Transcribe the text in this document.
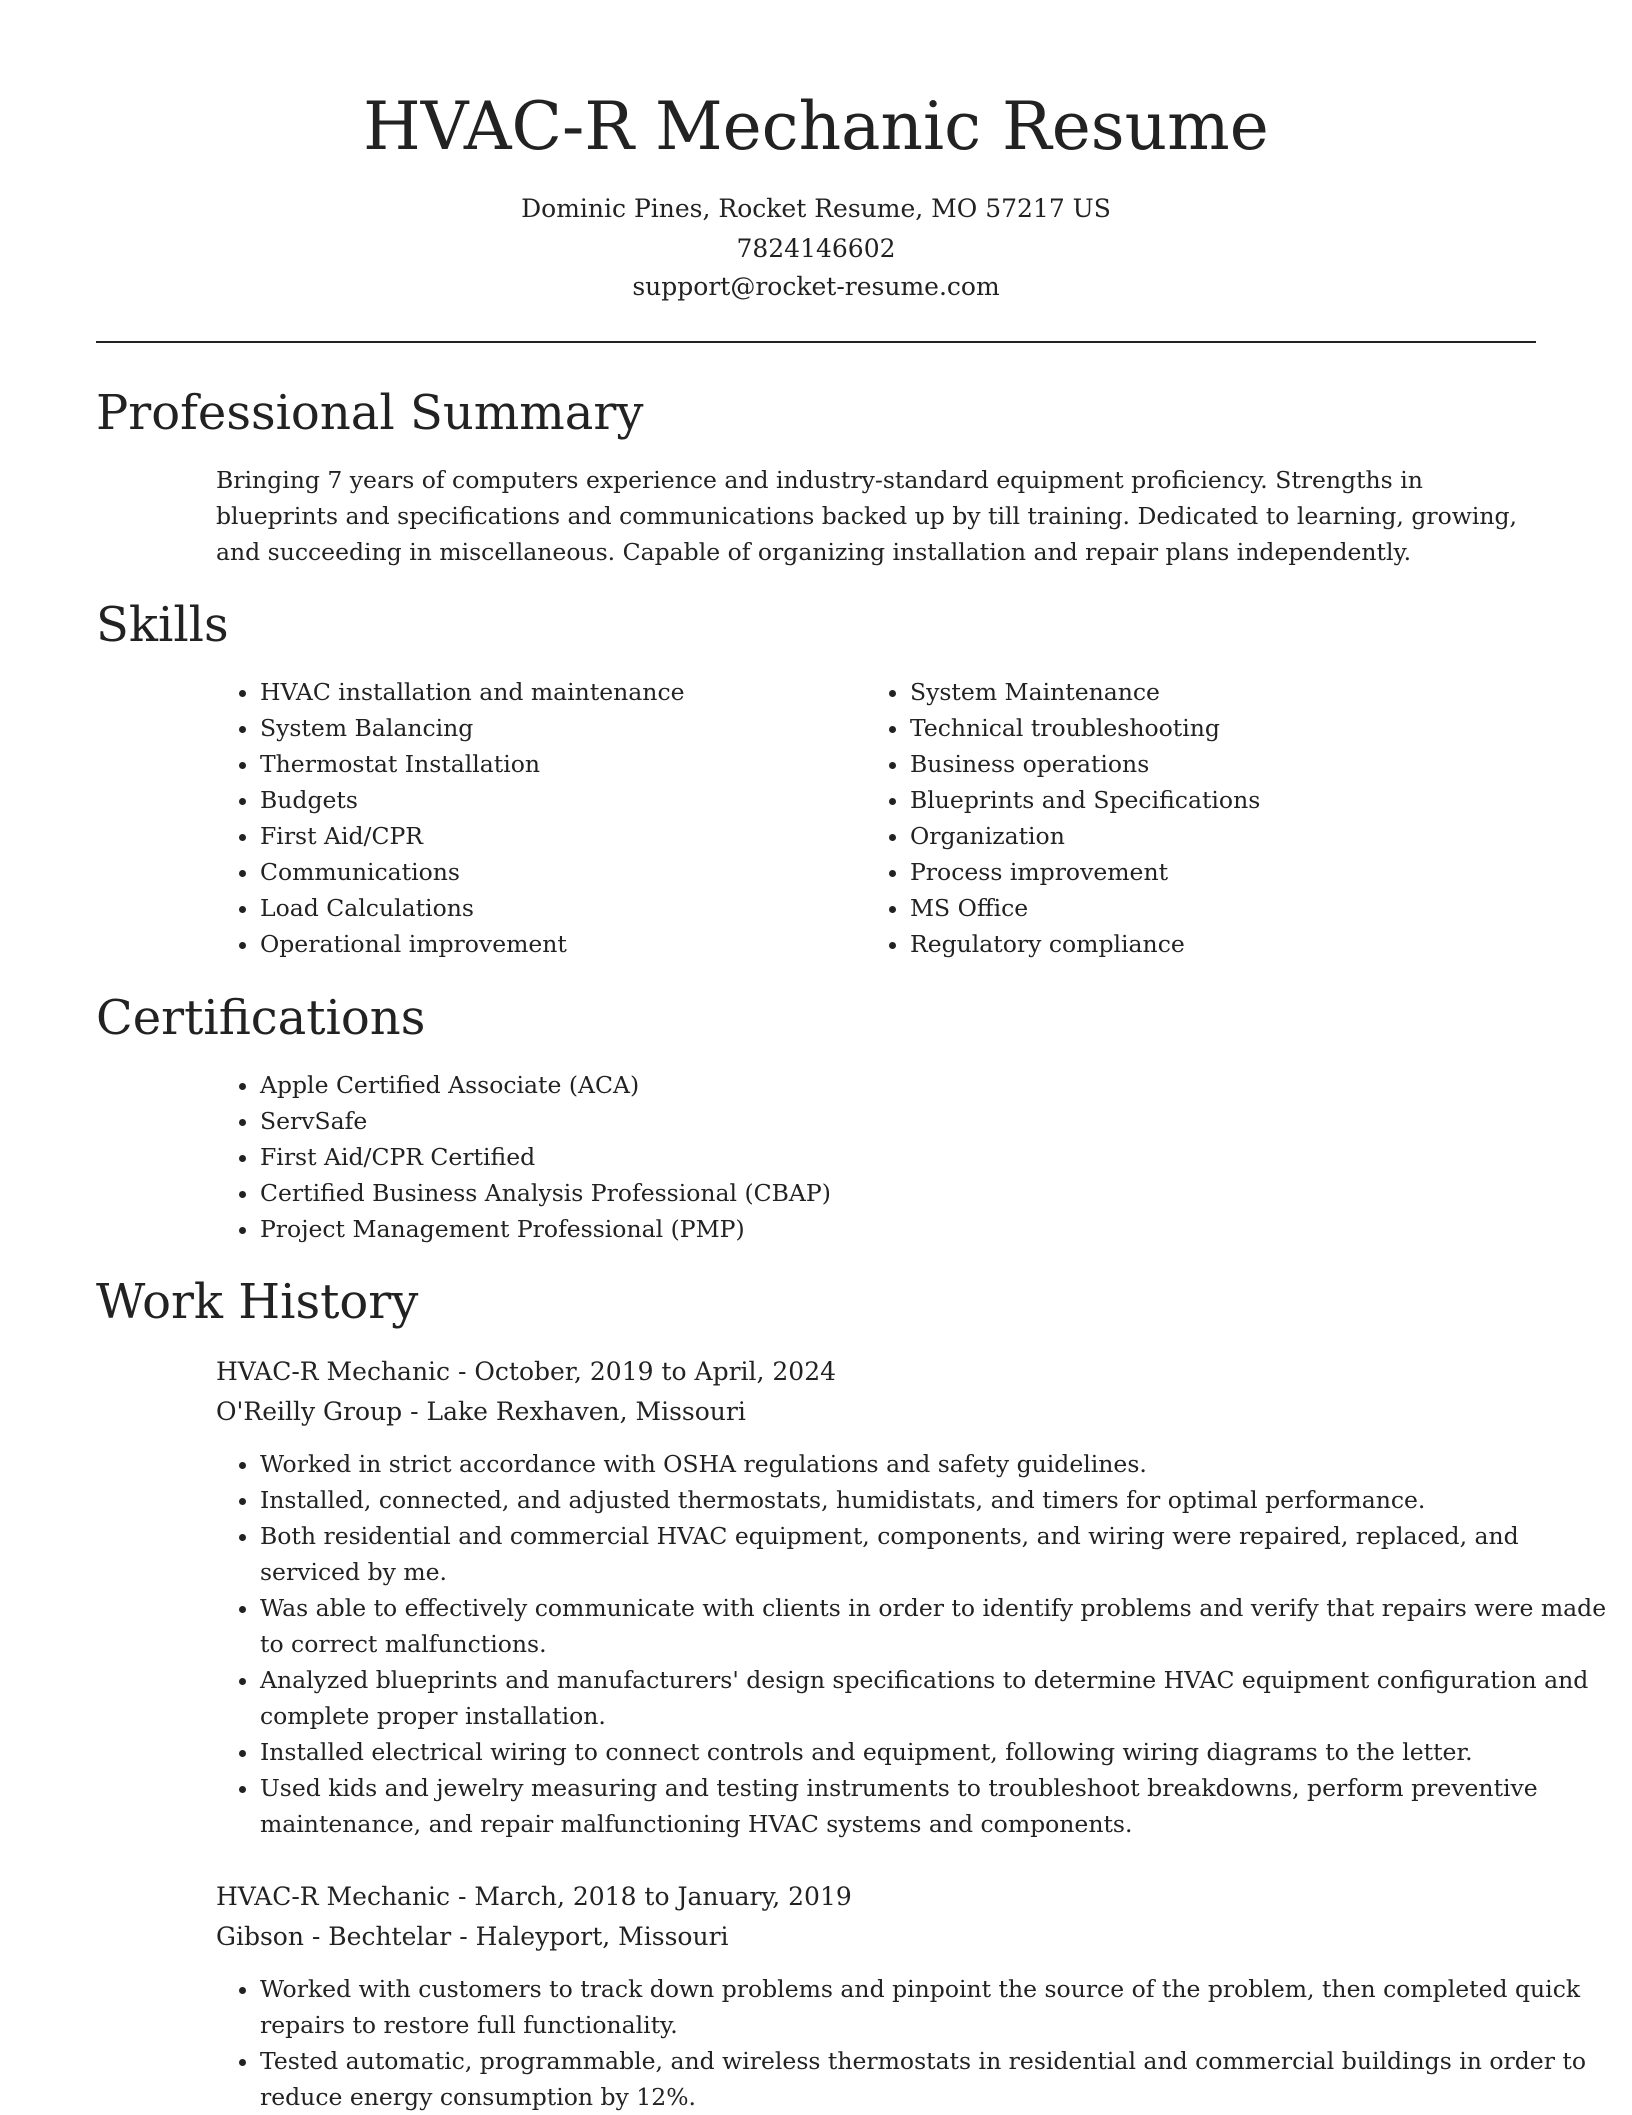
HVAC-R Mechanic Resume
Dominic Pines, Rocket Resume, MO 57217 US
7824146602
support@rocket-resume.com
Professional Summary

Bringing 7 years of computers experience and industry-standard equipment proficiency. Strengths in blueprints and specifications and communications backed up by till training. Dedicated to learning, growing, and succeeding in miscellaneous. Capable of organizing installation and repair plans independently.

Skills
• HVAC installation and maintenance
• System Balancing
• Thermostat Installation
• Budgets
• First Aid/CPR
• Communications
• Load Calculations
• Operational improvement
• System Maintenance
• Technical troubleshooting
• Business operations
• Blueprints and Specifications
• Organization
• Process improvement
• MS Office
• Regulatory compliance
Certifications
• Apple Certified Associate (ACA)
• ServSafe
• First Aid/CPR Certified
• Certified Business Analysis Professional (CBAP)
• Project Management Professional (PMP)
Work History
HVAC-R Mechanic - October, 2019 to April, 2024
O'Reilly Group - Lake Rexhaven, Missouri
• Worked in strict accordance with OSHA regulations and safety guidelines.
• Installed, connected, and adjusted thermostats, humidistats, and timers for optimal performance.
• Both residential and commercial HVAC equipment, components, and wiring were repaired, replaced, and serviced by me.
• Was able to effectively communicate with clients in order to identify problems and verify that repairs were made to correct malfunctions.
• Analyzed blueprints and manufacturers' design specifications to determine HVAC equipment configuration and complete proper installation.
• Installed electrical wiring to connect controls and equipment, following wiring diagrams to the letter.
• Used kids and jewelry measuring and testing instruments to troubleshoot breakdowns, perform preventive maintenance, and repair malfunctioning HVAC systems and components.
HVAC-R Mechanic - March, 2018 to January, 2019
Gibson - Bechtelar - Haleyport, Missouri
• Worked with customers to track down problems and pinpoint the source of the problem, then completed quick repairs to restore full functionality.
• Tested automatic, programmable, and wireless thermostats in residential and commercial buildings in order to reduce energy consumption by 12%.
